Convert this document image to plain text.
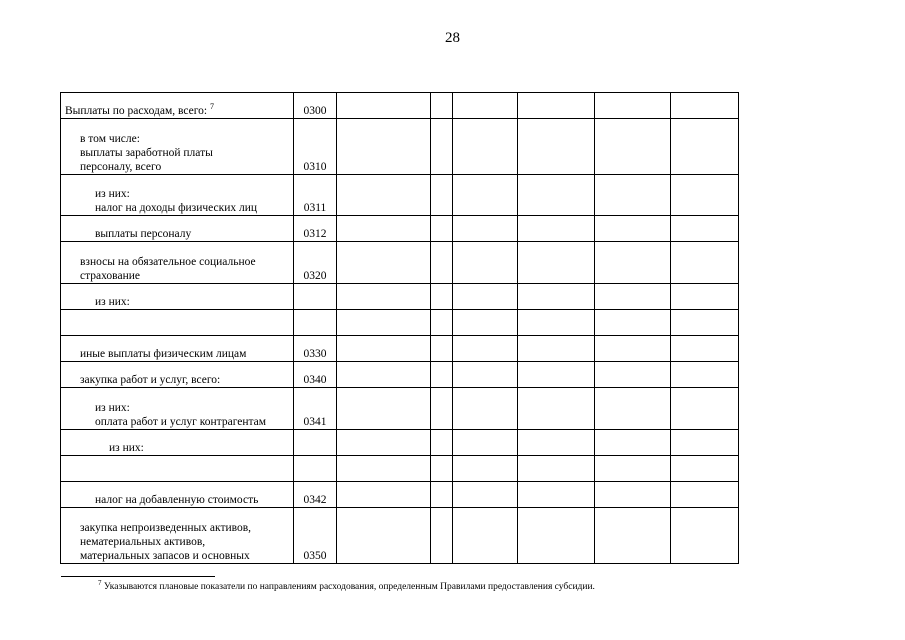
28
Выплаты по расходам, всего: $^7$	0300						
в том числе:
выплаты заработной платы
персоналу, всего	0310						
из них:
налог на доходы физических лиц	0311						
выплаты персоналу	0312						
взносы на обязательное социальное
страхование	0320						
из них:							

иные выплаты физическим лицам	0330						
закупка работ и услуг, всего:	0340						
из них:
оплата работ и услуг контрагентам	0341						
из них:							

налог на добавленную стоимость	0342						
закупка непроизведенных активов,
нематериальных активов,
материальных запасов и основных	0350						
$^7$ Указываются плановые показатели по направлениям расходования, определенным Правилами предоставления субсидии.
